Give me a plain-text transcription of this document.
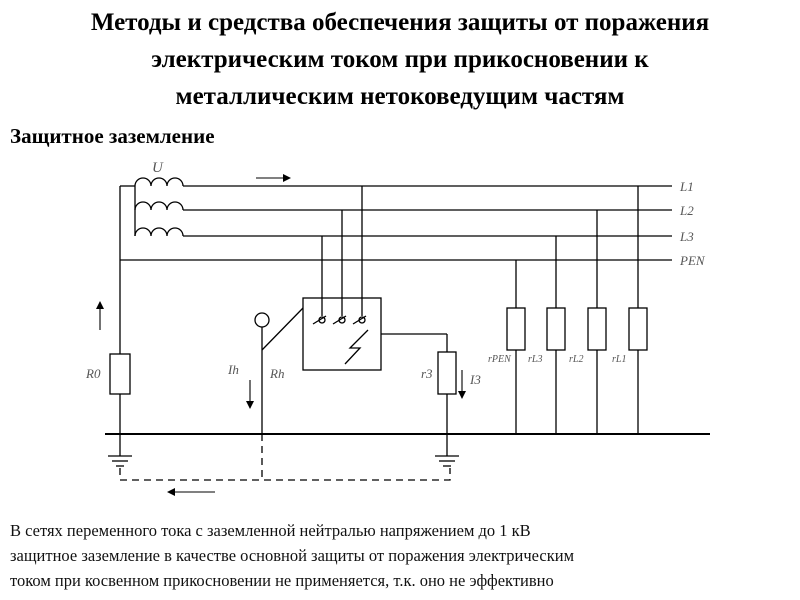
Методы и средства обеспечения защиты от поражения
электрическим током при прикосновении к
металлическим нетоковедущим частям
Защитное заземление
U
L1
L2
L3
PEN
R0	Ih Rh	r3	I3
rPEN rL3	rL2	rL1
В сетях переменного тока с заземленной нейтралью напряжением до 1 кВ
защитное заземление в качестве основной защиты от поражения электрическим
током при косвенном прикосновении не применяется, т.к. оно не эффективно
